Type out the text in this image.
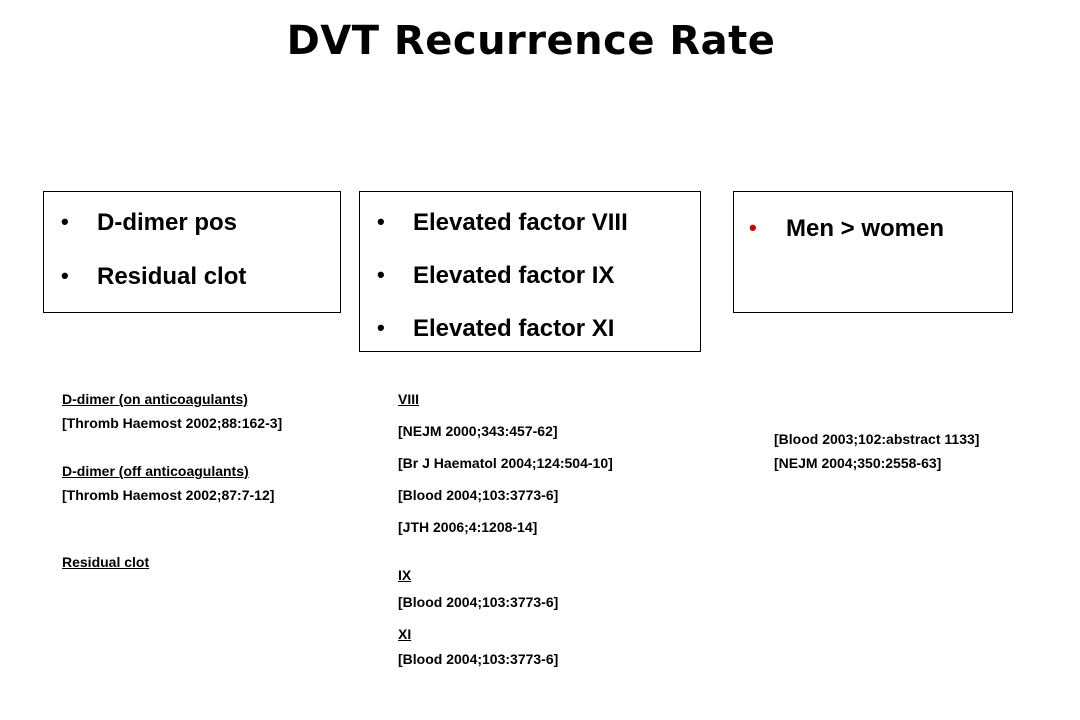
DVT Recurrence Rate
• D-dimer pos
• Residual clot
• Elevated factor VIII
• Elevated factor IX
• Elevated factor XI
• Men > women
D-dimer (on anticoagulants)
[Thromb Haemost 2002;88:162-3]
D-dimer (off anticoagulants)
[Thromb Haemost 2002;87:7-12]
Residual clot
VIII
[NEJM 2000;343:457-62]
[Br J Haematol 2004;124:504-10]
[Blood 2004;103:3773-6]
[JTH 2006;4:1208-14]
IX
[Blood 2004;103:3773-6]
XI
[Blood 2004;103:3773-6]
[Blood 2003;102:abstract 1133]
[NEJM 2004;350:2558-63]
